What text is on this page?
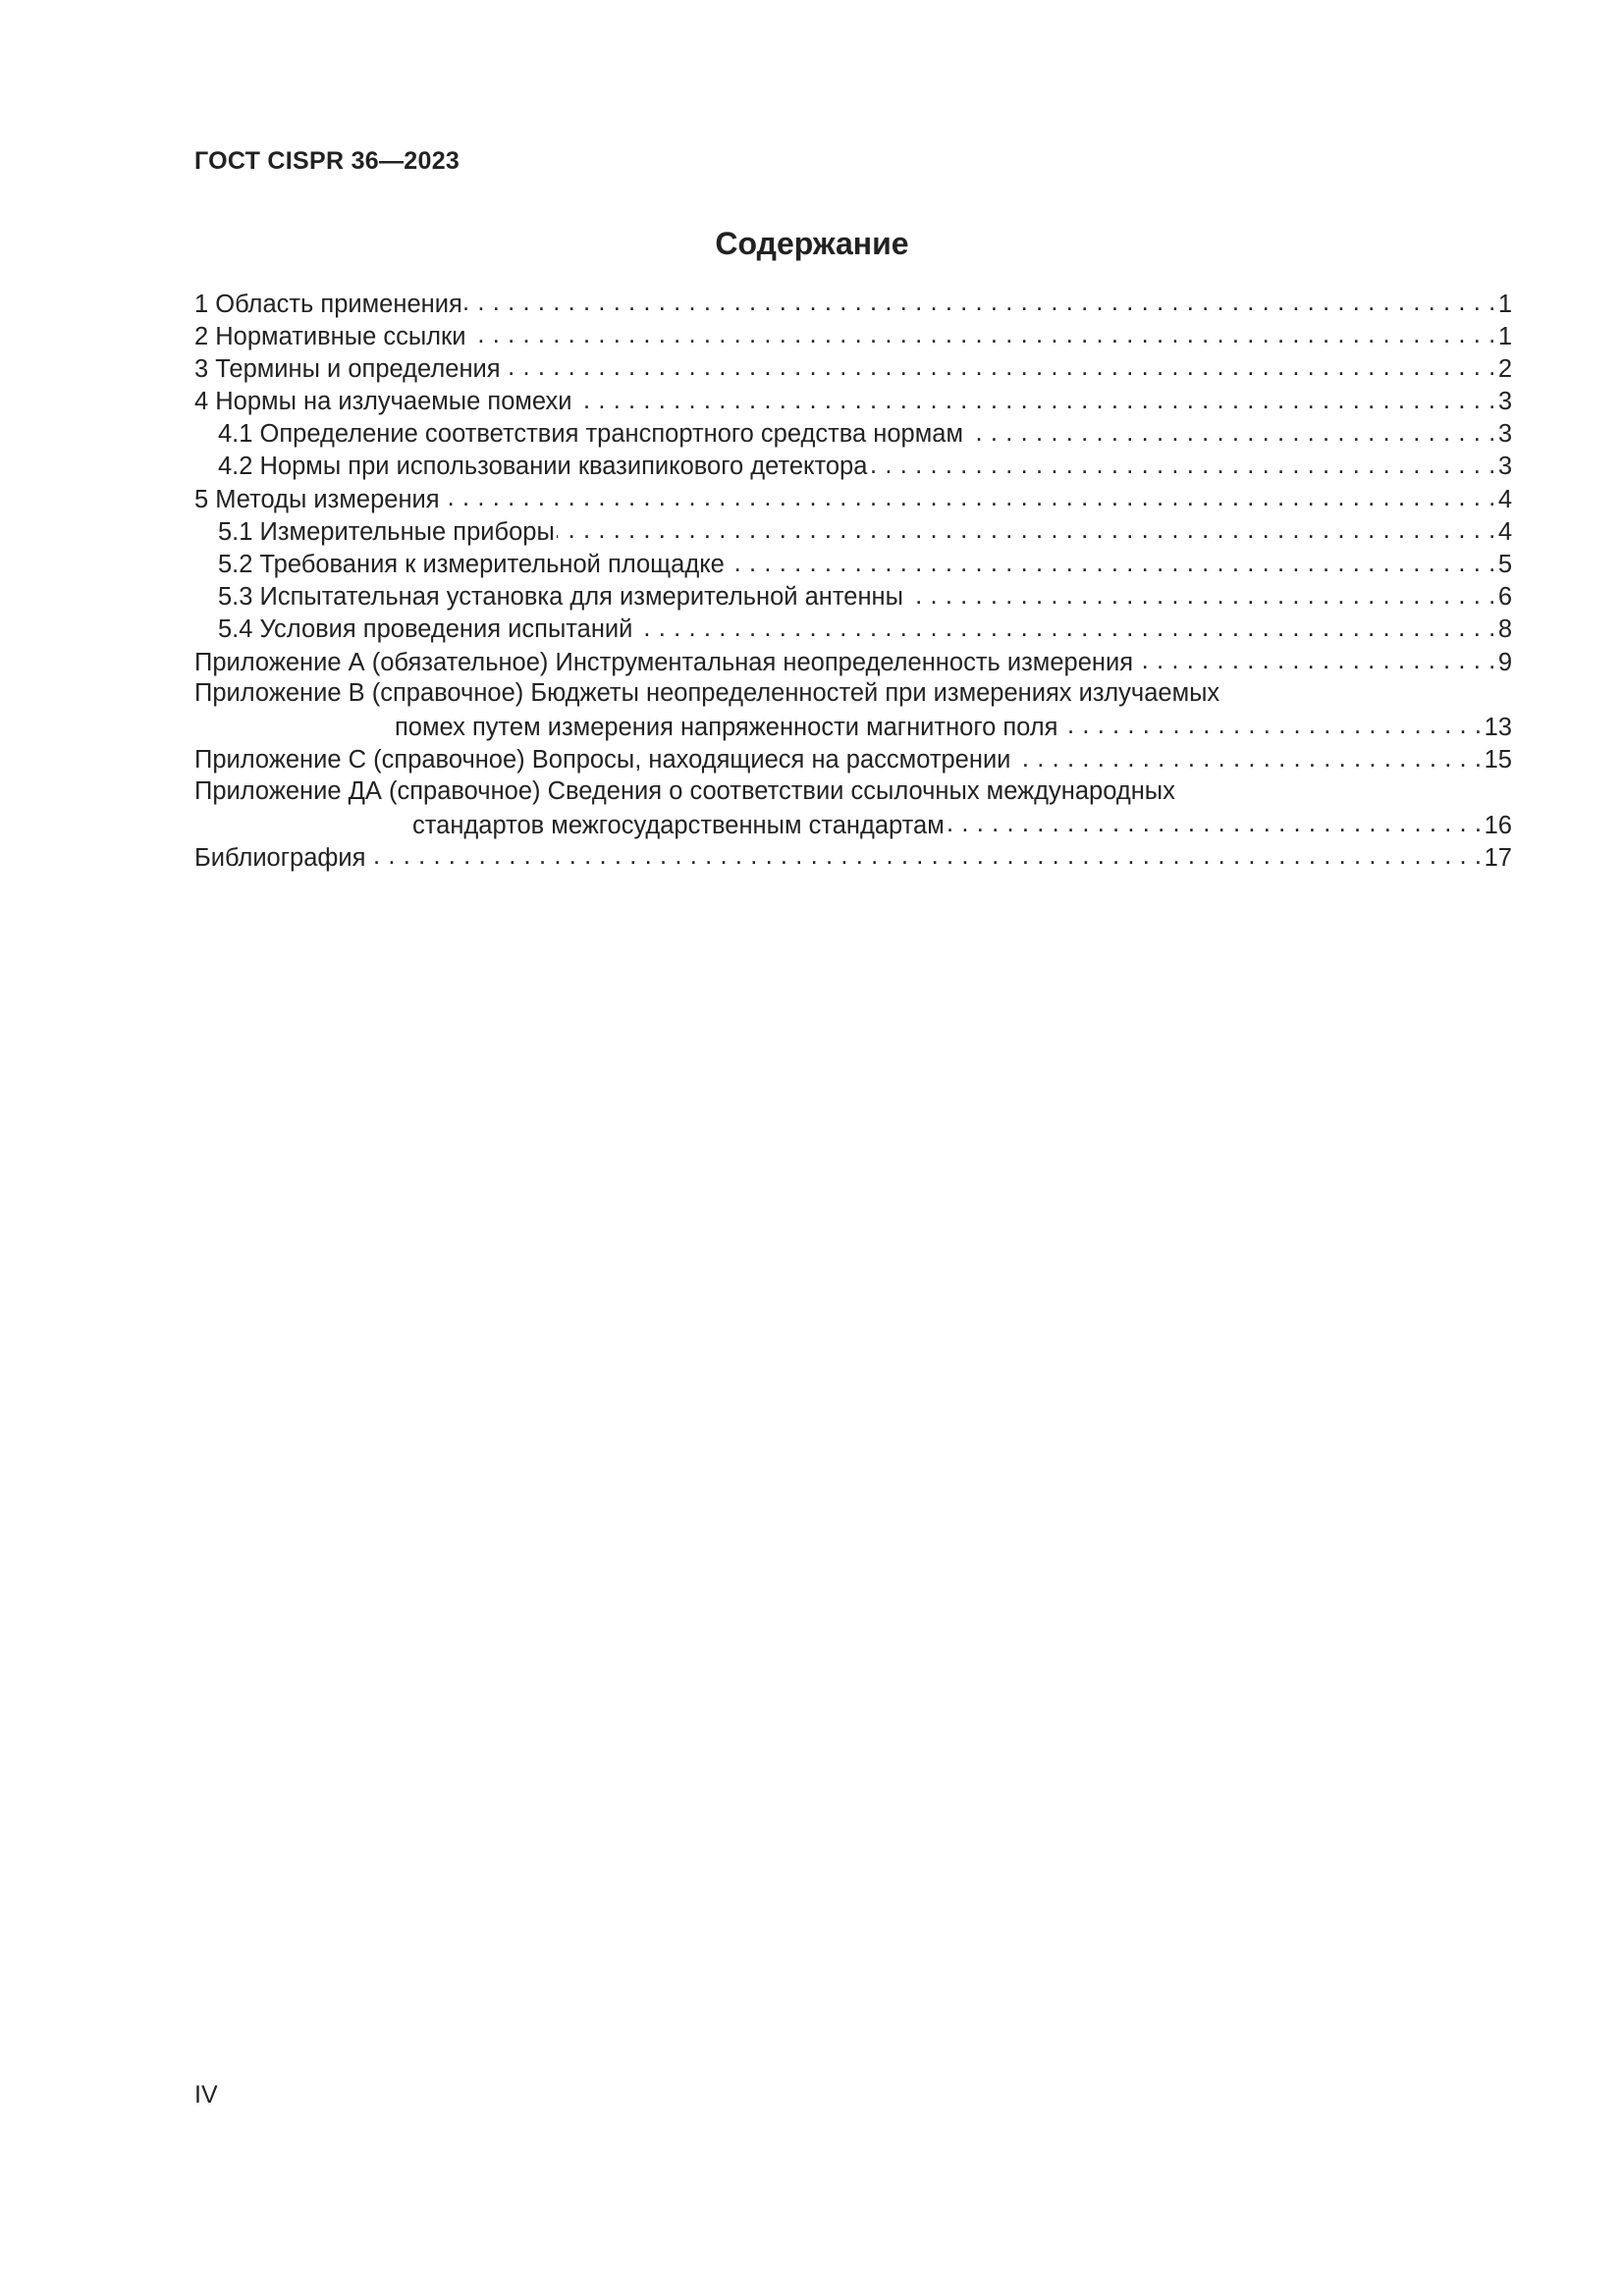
ГОСТ CISPR 36—2023
Содержание
1 Область применения . . .	1
2 Нормативные ссылки . . .	1
3 Термины и определения . . .	2
4 Нормы на излучаемые помехи . . .	3
4.1 Определение соответствия транспортного средства нормам . . .	3
4.2 Нормы при использовании квазипикового детектора . . .	3
5 Методы измерения . . .	4
5.1 Измерительные приборы . . .	4
5.2 Требования к измерительной площадке . . .	5
5.3 Испытательная установка для измерительной антенны . . .	6
5.4 Условия проведения испытаний . . .	8
Приложение А (обязательное) Инструментальная неопределенность измерения . . .	9
Приложение В (справочное) Бюджеты неопределенностей при измерениях излучаемых
помех путем измерения напряженности магнитного поля . . .	13
Приложение С (справочное) Вопросы, находящиеся на рассмотрении . . .	15
Приложение ДА (справочное) Сведения о соответствии ссылочных международных
стандартов межгосударственным стандартам . . .	16
Библиография . . .	17
IV
